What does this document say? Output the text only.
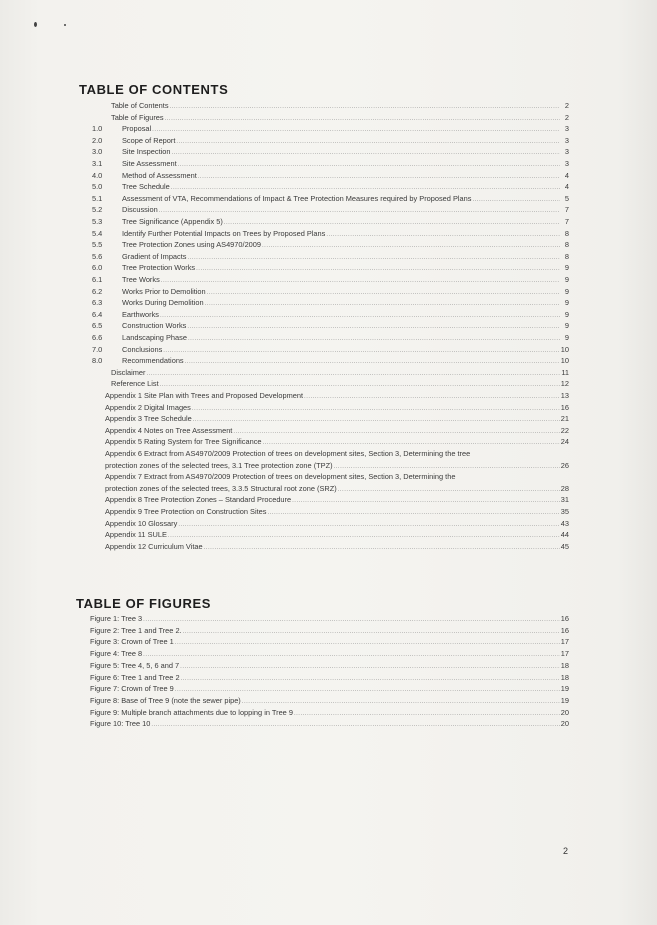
TABLE OF CONTENTS
Table of Contents .....	2
Table of Figures .....	2
1.0	Proposal .....	3
2.0	Scope of Report .....	3
3.0	Site Inspection .....	3
3.1	Site Assessment .....	3
4.0	Method of Assessment .....	4
5.0	Tree Schedule .....	4
5.1	Assessment of VTA, Recommendations of Impact & Tree Protection Measures required by Proposed Plans .....	5
5.2	Discussion .....	7
5.3	Tree Significance (Appendix 5) .....	7
5.4	Identify Further Potential Impacts on Trees by Proposed Plans .....	8
5.5	Tree Protection Zones using AS4970/2009 .....	8
5.6	Gradient of Impacts .....	8
6.0	Tree Protection Works .....	9
6.1	Tree Works .....	9
6.2	Works Prior to Demolition .....	9
6.3	Works During Demolition .....	9
6.4	Earthworks .....	9
6.5	Construction Works .....	9
6.6	Landscaping Phase .....	9
7.0	Conclusions .....	10
8.0	Recommendations .....	10
Disclaimer .....	11
Reference List .....	12
Appendix 1 Site Plan with Trees and Proposed Development .....	13
Appendix 2 Digital Images .....	16
Appendix 3 Tree Schedule .....	21
Appendix 4 Notes on Tree Assessment .....	22
Appendix 5 Rating System for Tree Significance .....	24
Appendix 6 Extract from AS4970/2009 Protection of trees on development sites, Section 3, Determining the tree
protection zones of the selected trees, 3.1 Tree protection zone (TPZ) .....	26
Appendix 7 Extract from AS4970/2009 Protection of trees on development sites, Section 3, Determining the
protection zones of the selected trees, 3.3.5 Structural root zone (SRZ) .....	28
Appendix 8 Tree Protection Zones – Standard Procedure .....	31
Appendix 9 Tree Protection on Construction Sites .....	35
Appendix 10 Glossary .....	43
Appendix 11 SULE .....	44
Appendix 12 Curriculum Vitae .....	45
TABLE OF FIGURES
Figure 1: Tree 3 .....	16
Figure 2: Tree 1 and Tree 2. .....	16
Figure 3: Crown of Tree 1 .....	17
Figure 4: Tree 8 .....	17
Figure 5: Tree 4, 5, 6 and 7 .....	18
Figure 6: Tree 1 and Tree 2 .....	18
Figure 7: Crown of Tree 9 .....	19
Figure 8: Base of Tree 9 (note the sewer pipe) .....	19
Figure 9: Multiple branch attachments due to lopping in Tree 9 .....	20
Figure 10: Tree 10 .....	20
2
